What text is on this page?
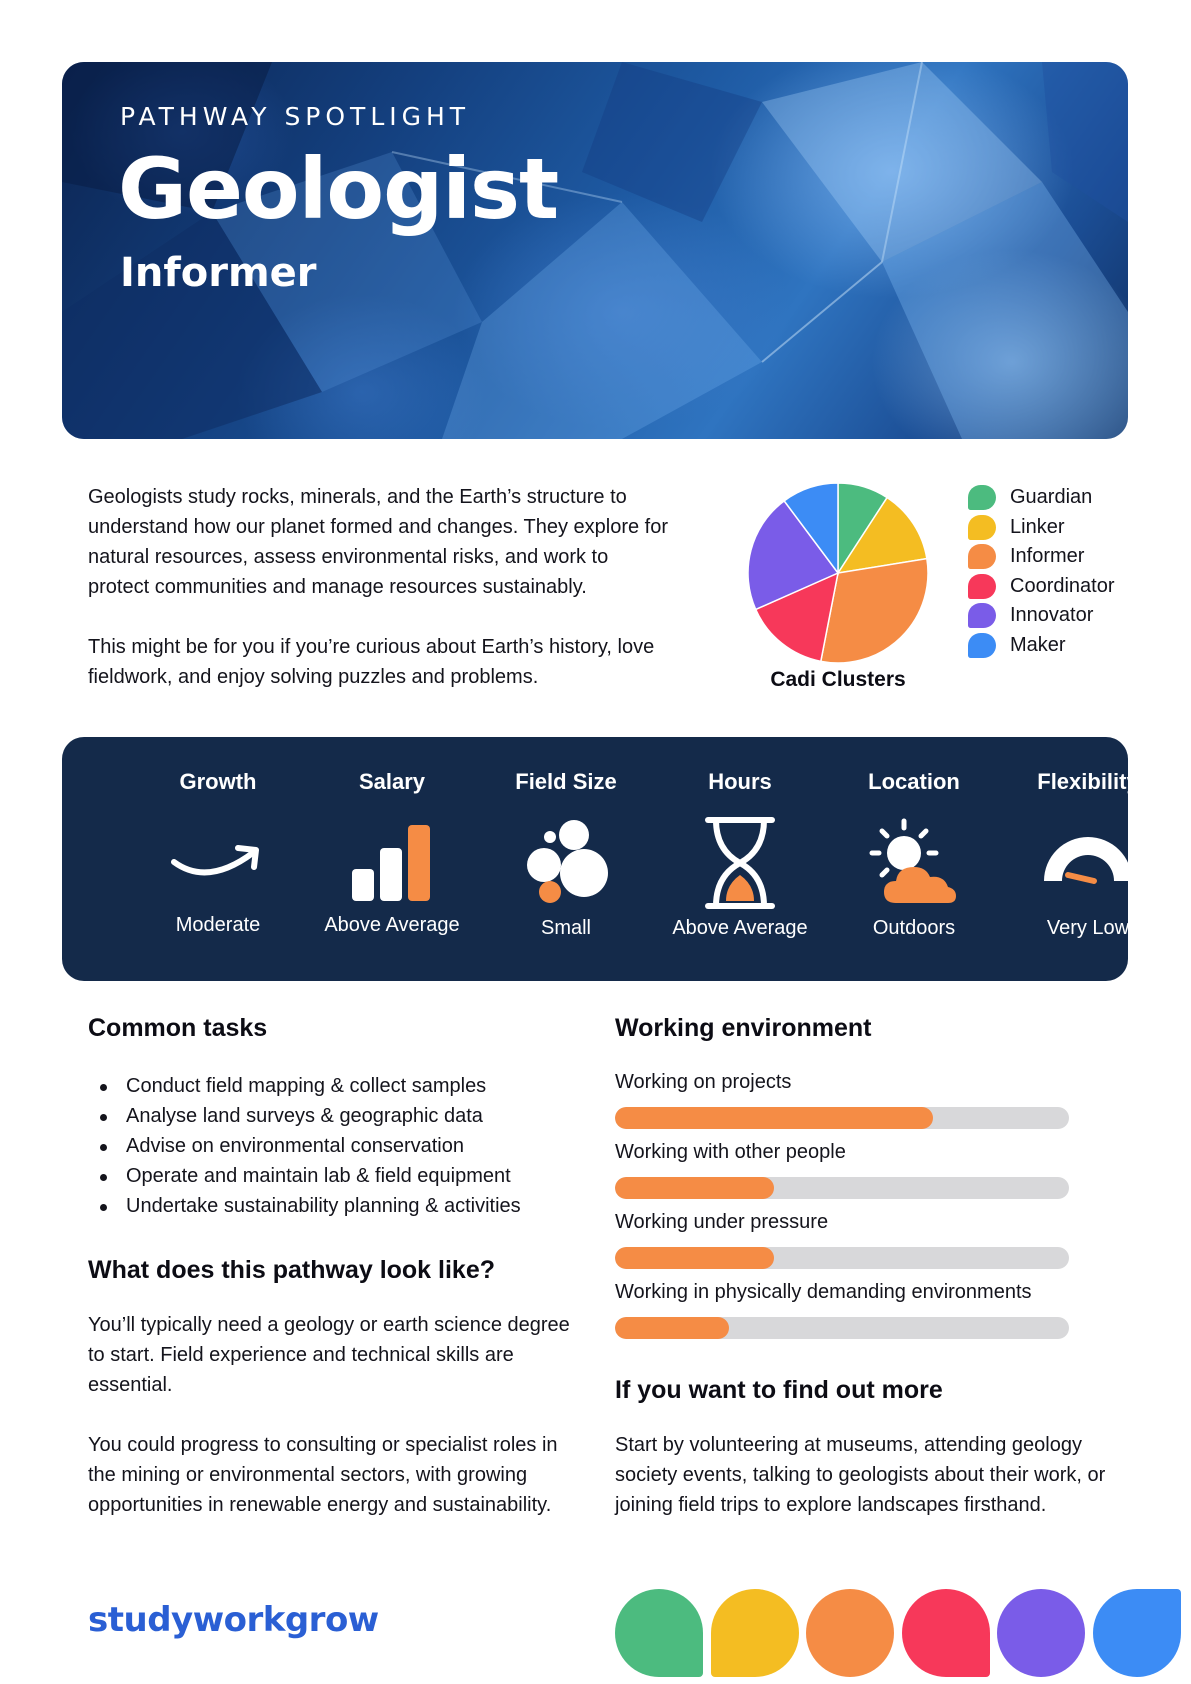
PATHWAY SPOTLIGHT
Geologist
Informer

Geologists study rocks, minerals, and the Earth’s structure to understand how our planet formed and changes. They explore for natural resources, assess environmental risks, and work to protect communities and manage resources sustainably.

This might be for you if you’re curious about Earth’s history, love fieldwork, and enjoy solving puzzles and problems.	Cadi Clusters
Guardian
Linker
Informer
Coordinator
Innovator
Maker
Growth
Moderate
Salary
Above Average
Field Size
Small
Hours
Above Average
Location
Outdoors
Flexibility
Very Low
Common tasks
Conduct field mapping & collect samples
Analyse land surveys & geographic data
Advise on environmental conservation
Operate and maintain lab & field equipment
Undertake sustainability planning & activities
What does this pathway look like?
You’ll typically need a geology or earth science degree to start. Field experience and technical skills are essential.
You could progress to consulting or specialist roles in the mining or environmental sectors, with growing opportunities in renewable energy and sustainability.
Working environment
Working on projects
Working with other people
Working under pressure
Working in physically demanding environments
If you want to find out more
Start by volunteering at museums, attending geology society events, talking to geologists about their work, or joining field trips to explore landscapes firsthand.
studyworkgrow
